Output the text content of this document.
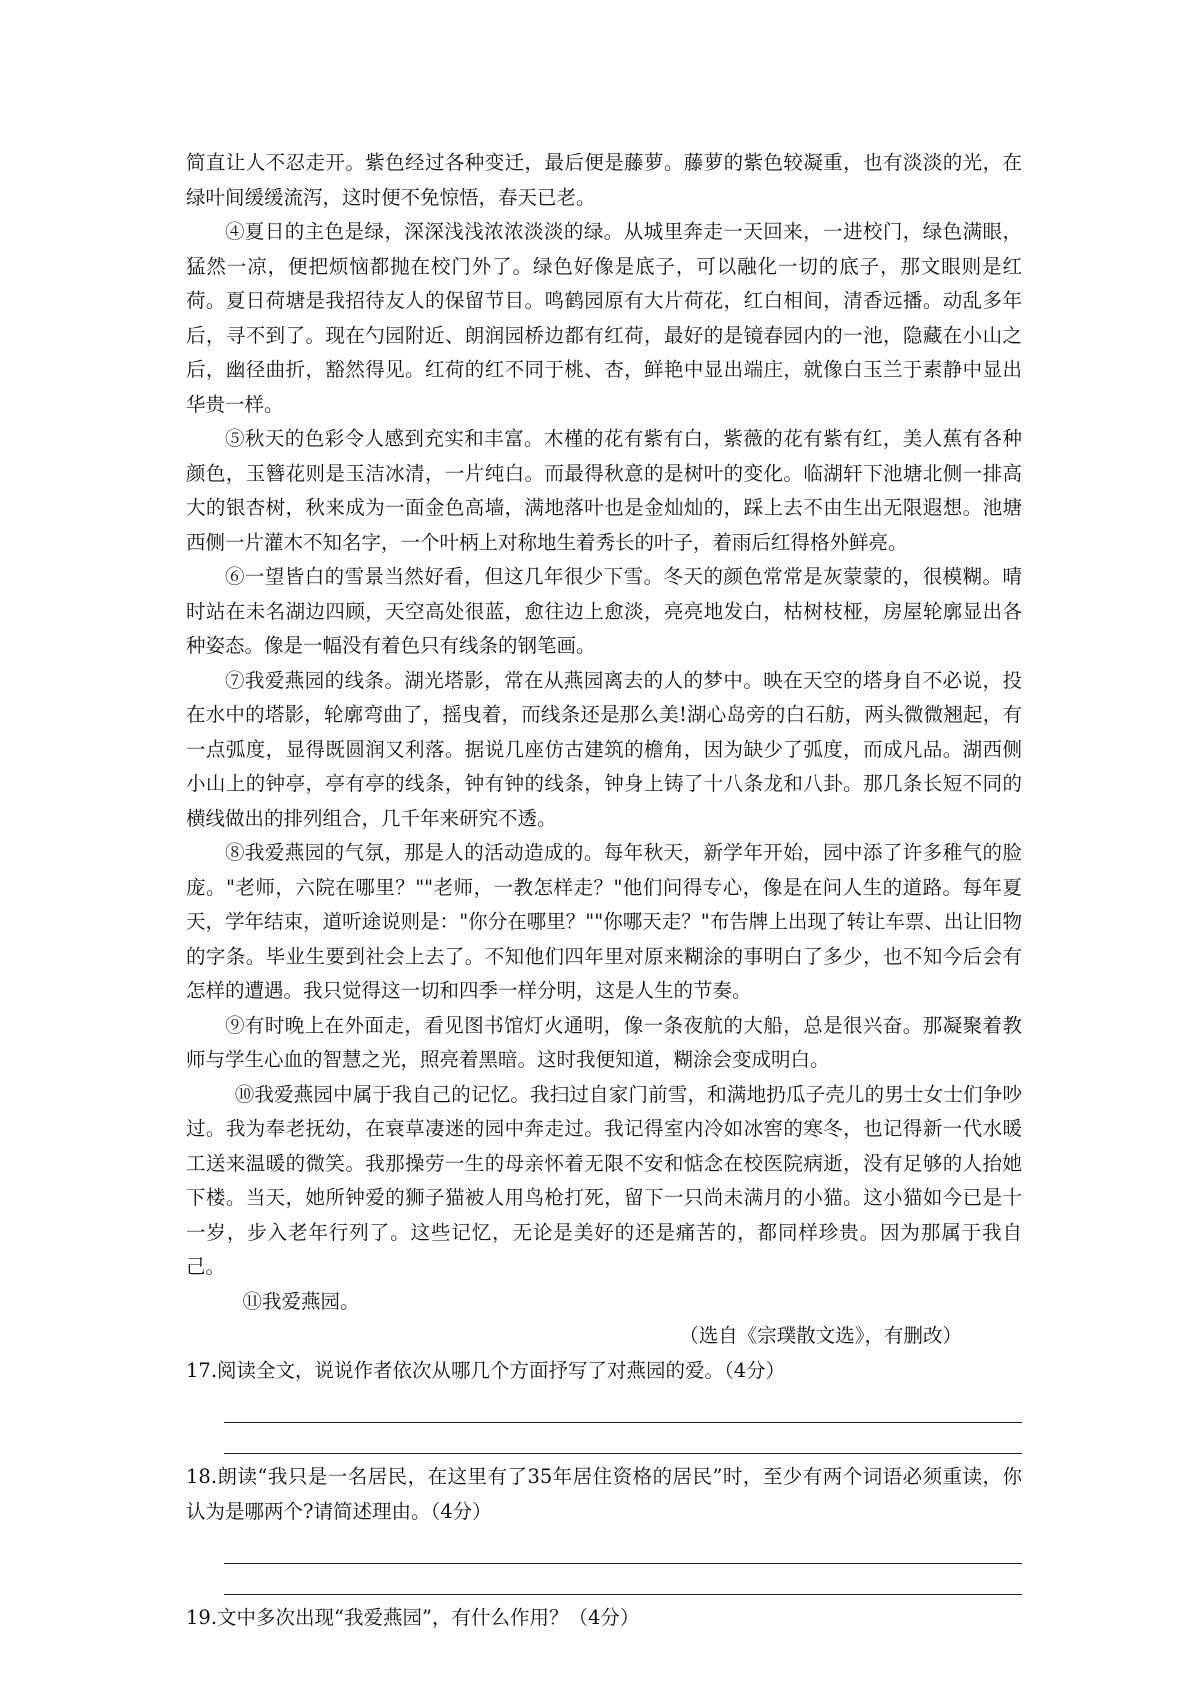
简直让人不忍走开。紫色经过各种变迁，最后便是藤萝。藤萝的紫色较凝重，也有淡淡的光，在绿叶间缓缓流泻，这时便不免惊悟，春天已老。

④夏日的主色是绿，深深浅浅浓浓淡淡的绿。从城里奔走一天回来，一进校门，绿色满眼，猛然一凉，便把烦恼都抛在校门外了。绿色好像是底子，可以融化一切的底子，那文眼则是红荷。夏日荷塘是我招待友人的保留节目。鸣鹤园原有大片荷花，红白相间，清香远播。动乱多年后，寻不到了。现在勺园附近、朗润园桥边都有红荷，最好的是镜春园内的一池，隐藏在小山之后，幽径曲折，豁然得见。红荷的红不同于桃、杏，鲜艳中显出端庄，就像白玉兰于素静中显出华贵一样。

⑤秋天的色彩令人感到充实和丰富。木槿的花有紫有白，紫薇的花有紫有红，美人蕉有各种颜色，玉簪花则是玉洁冰清，一片纯白。而最得秋意的是树叶的变化。临湖轩下池塘北侧一排高大的银杏树，秋来成为一面金色高墙，满地落叶也是金灿灿的，踩上去不由生出无限遐想。池塘西侧一片灌木不知名字，一个叶柄上对称地生着秀长的叶子，着雨后红得格外鲜亮。

⑥一望皆白的雪景当然好看，但这几年很少下雪。冬天的颜色常常是灰蒙蒙的，很模糊。晴时站在未名湖边四顾，天空高处很蓝，愈往边上愈淡，亮亮地发白，枯树枝桠，房屋轮廓显出各种姿态。像是一幅没有着色只有线条的钢笔画。

⑦我爱燕园的线条。湖光塔影，常在从燕园离去的人的梦中。映在天空的塔身自不必说，投在水中的塔影，轮廓弯曲了，摇曳着，而线条还是那么美!湖心岛旁的白石舫，两头微微翘起，有一点弧度，显得既圆润又利落。据说几座仿古建筑的檐角，因为缺少了弧度，而成凡品。湖西侧小山上的钟亭，亭有亭的线条，钟有钟的线条，钟身上铸了十八条龙和八卦。那几条长短不同的横线做出的排列组合，几千年来研究不透。

⑧我爱燕园的气氛，那是人的活动造成的。每年秋天，新学年开始，园中添了许多稚气的脸庞。"老师，六院在哪里？""老师，一教怎样走？"他们问得专心，像是在问人生的道路。每年夏天，学年结束，道听途说则是："你分在哪里？""你哪天走？"布告牌上出现了转让车票、出让旧物的字条。毕业生要到社会上去了。不知他们四年里对原来糊涂的事明白了多少，也不知今后会有怎样的遭遇。我只觉得这一切和四季一样分明，这是人生的节奏。

⑨有时晚上在外面走，看见图书馆灯火通明，像一条夜航的大船，总是很兴奋。那凝聚着教师与学生心血的智慧之光，照亮着黑暗。这时我便知道，糊涂会变成明白。

⑩我爱燕园中属于我自己的记忆。我扫过自家门前雪，和满地扔瓜子壳儿的男士女士们争吵过。我为奉老抚幼，在衰草凄迷的园中奔走过。我记得室内冷如冰窖的寒冬，也记得新一代水暖工送来温暖的微笑。我那操劳一生的母亲怀着无限不安和惦念在校医院病逝，没有足够的人抬她下楼。当天，她所钟爱的狮子猫被人用鸟枪打死，留下一只尚未满月的小猫。这小猫如今已是十一岁，步入老年行列了。这些记忆，无论是美好的还是痛苦的，都同样珍贵。因为那属于我自己。

⑪我爱燕园。

（选自《宗璞散文选》，有删改）

17.阅读全文，说说作者依次从哪几个方面抒写了对燕园的爱。（4分）

18.朗读“我只是一名居民，在这里有了35年居住资格的居民”时，至少有两个词语必须重读，你认为是哪两个?请简述理由。（4分）

19.文中多次出现“我爱燕园”，有什么作用？（4分）
